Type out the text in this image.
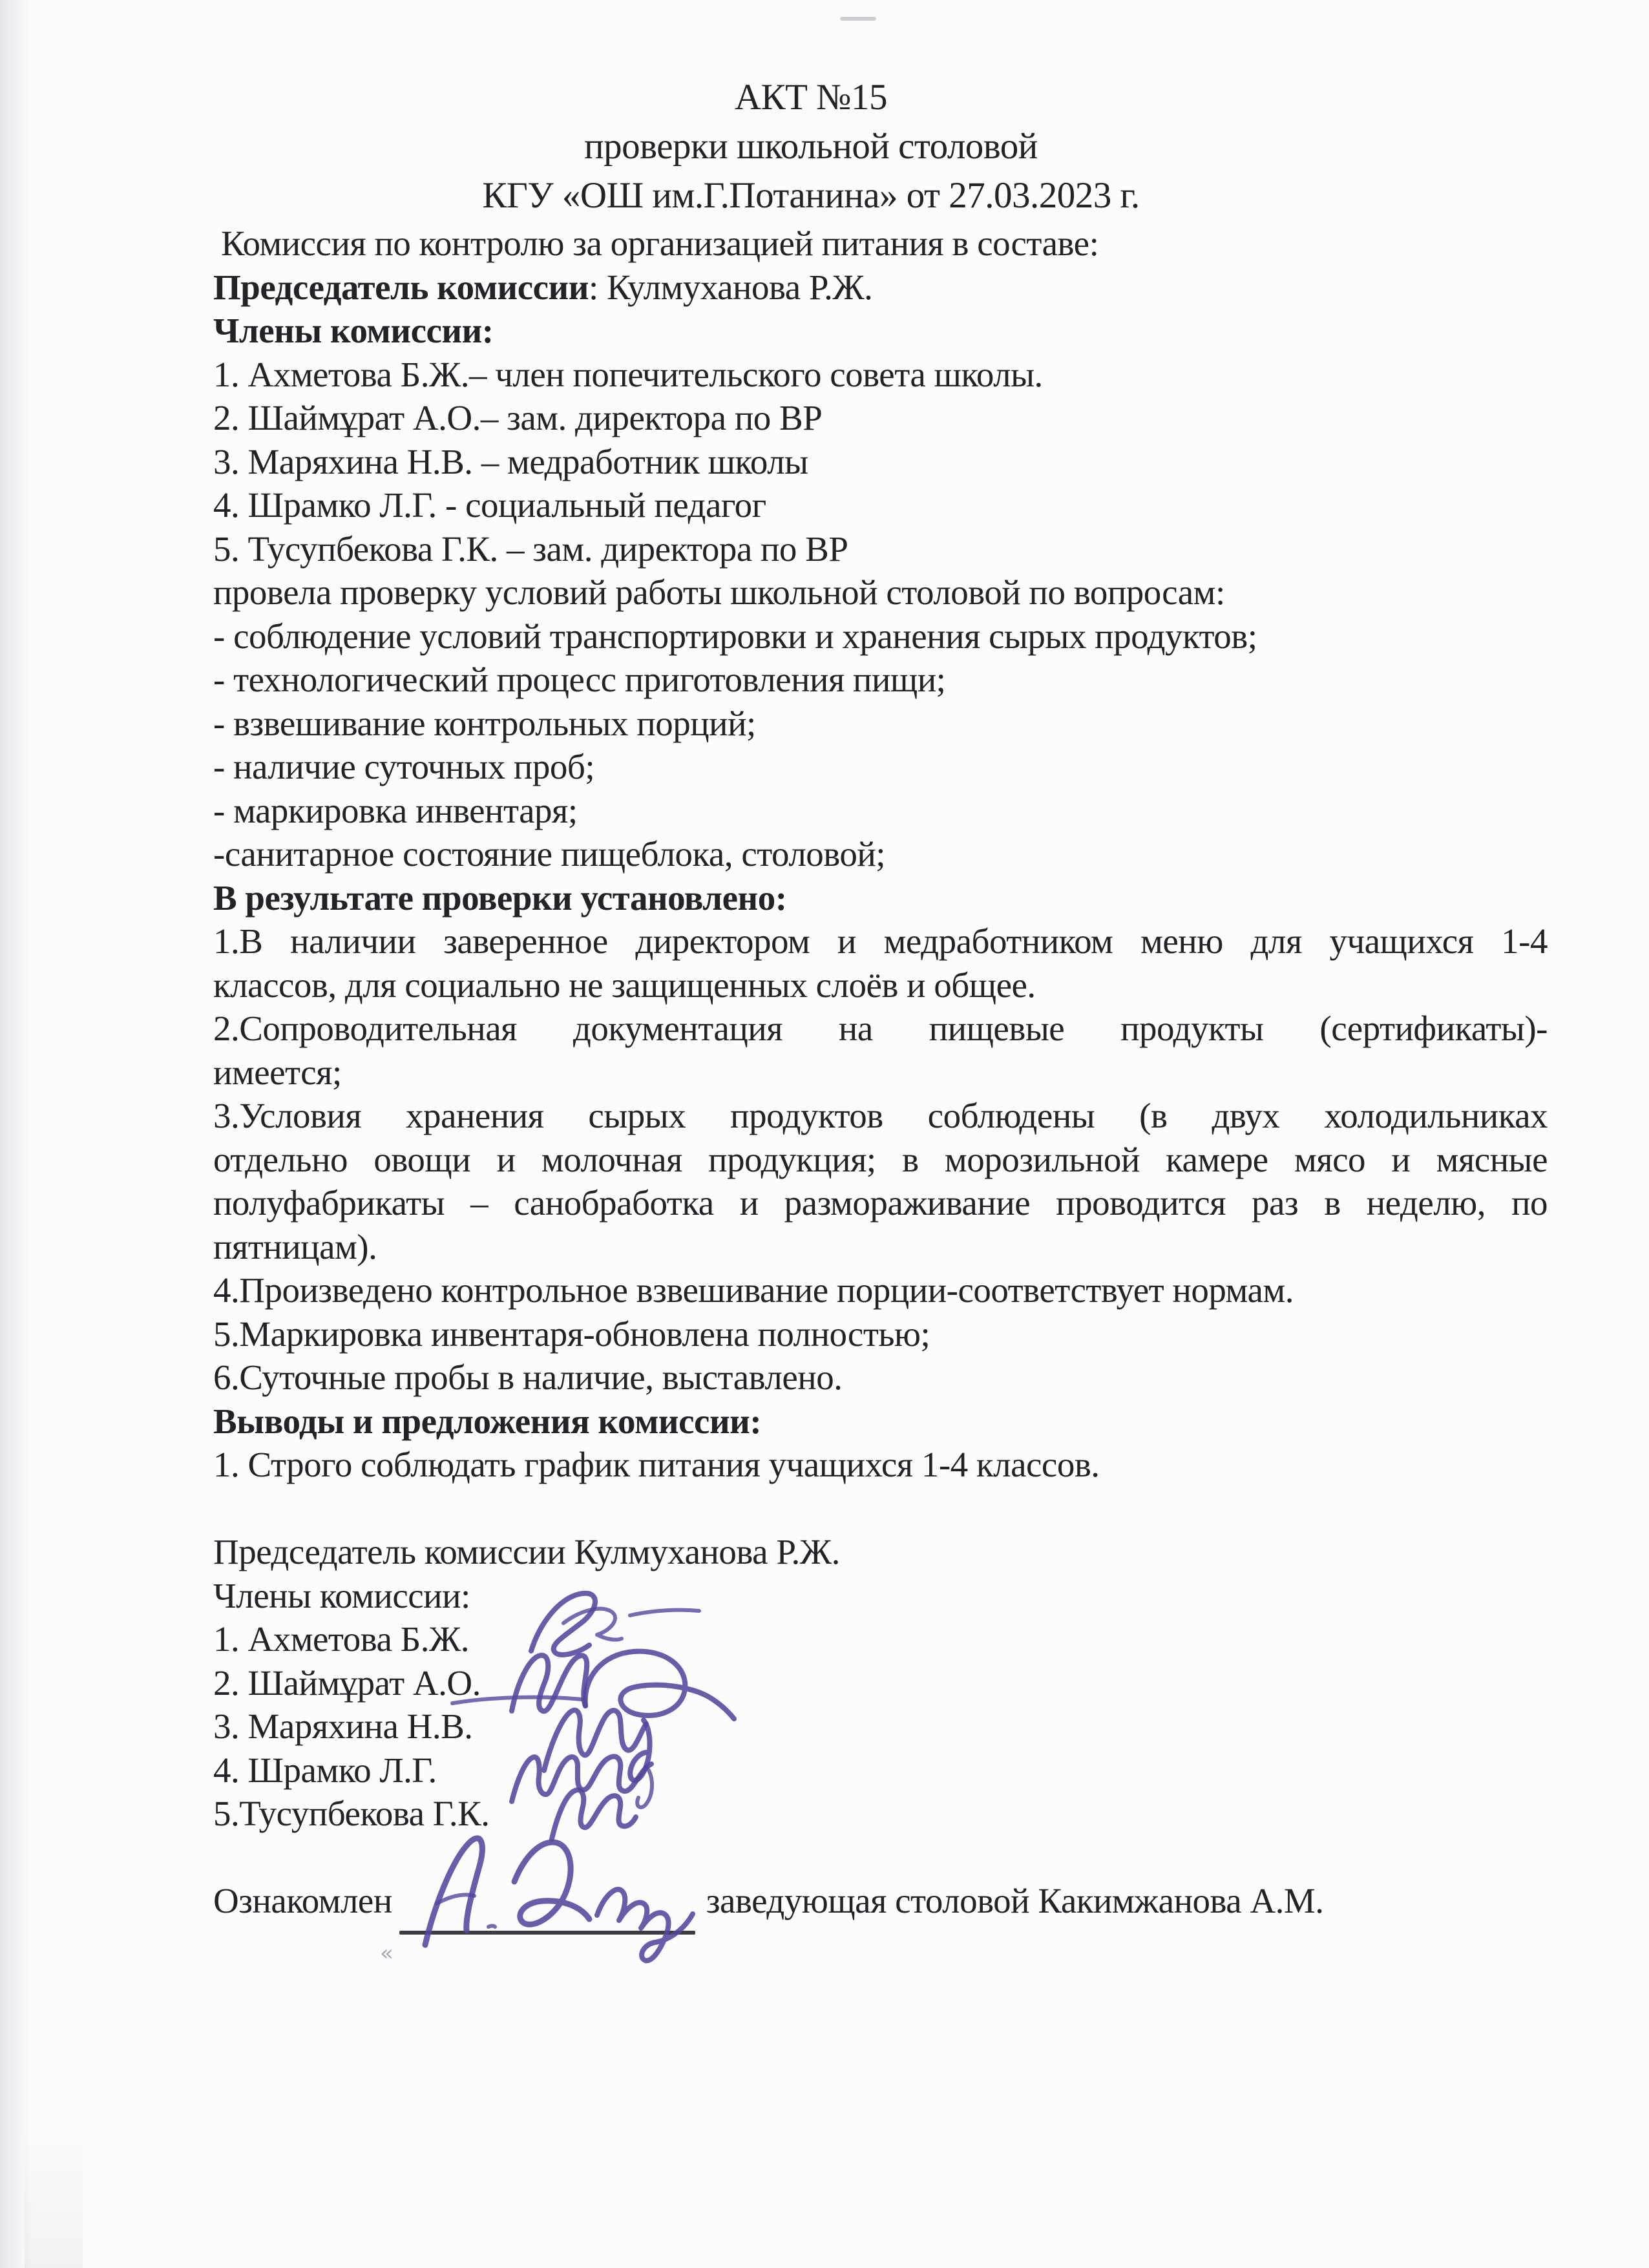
«
АКТ №15
проверки школьной столовой
КГУ «ОШ им.Г.Потанина» от 27.03.2023 г.
Комиссия по контролю за организацией питания в составе:
Председатель комиссии: Кулмуханова Р.Ж.
Члены комиссии:
1. Ахметова Б.Ж.– член попечительского совета школы.
2. Шаймұрат А.О.– зам. директора по ВР
3. Маряхина Н.В. – медработник школы
4. Шрамко Л.Г. - социальный педагог
5. Тусупбекова Г.К. – зам. директора по ВР
провела проверку условий работы школьной столовой по вопросам:
- соблюдение условий транспортировки и хранения сырых продуктов;
- технологический процесс приготовления пищи;
- взвешивание контрольных порций;
- наличие суточных проб;
- маркировка инвентаря;
-санитарное состояние пищеблока, столовой;
В результате проверки установлено:
1.В наличии заверенное директором и медработником меню для учащихся 1-4
классов, для социально не защищенных слоёв и общее.
2.Сопроводительная документация на пищевые продукты (сертификаты)-
имеется;
3.Условия хранения сырых продуктов соблюдены (в двух холодильниках
отдельно овощи и молочная продукция; в морозильной камере мясо и мясные
полуфабрикаты – санобработка и размораживание проводится раз в неделю, по
пятницам).
4.Произведено контрольное взвешивание порции-соответствует нормам.
5.Маркировка инвентаря-обновлена полностью;
6.Суточные пробы в наличие, выставлено.
Выводы и предложения комиссии:
1. Строго соблюдать график питания учащихся 1-4 классов.
Председатель комиссии Кулмуханова Р.Ж.
Члены комиссии:
1. Ахметова Б.Ж.
2. Шаймұрат А.О.
3. Маряхина Н.В.
4. Шрамко Л.Г.
5.Тусупбекова Г.К.
Ознакомлен	заведующая столовой Какимжанова А.М.
